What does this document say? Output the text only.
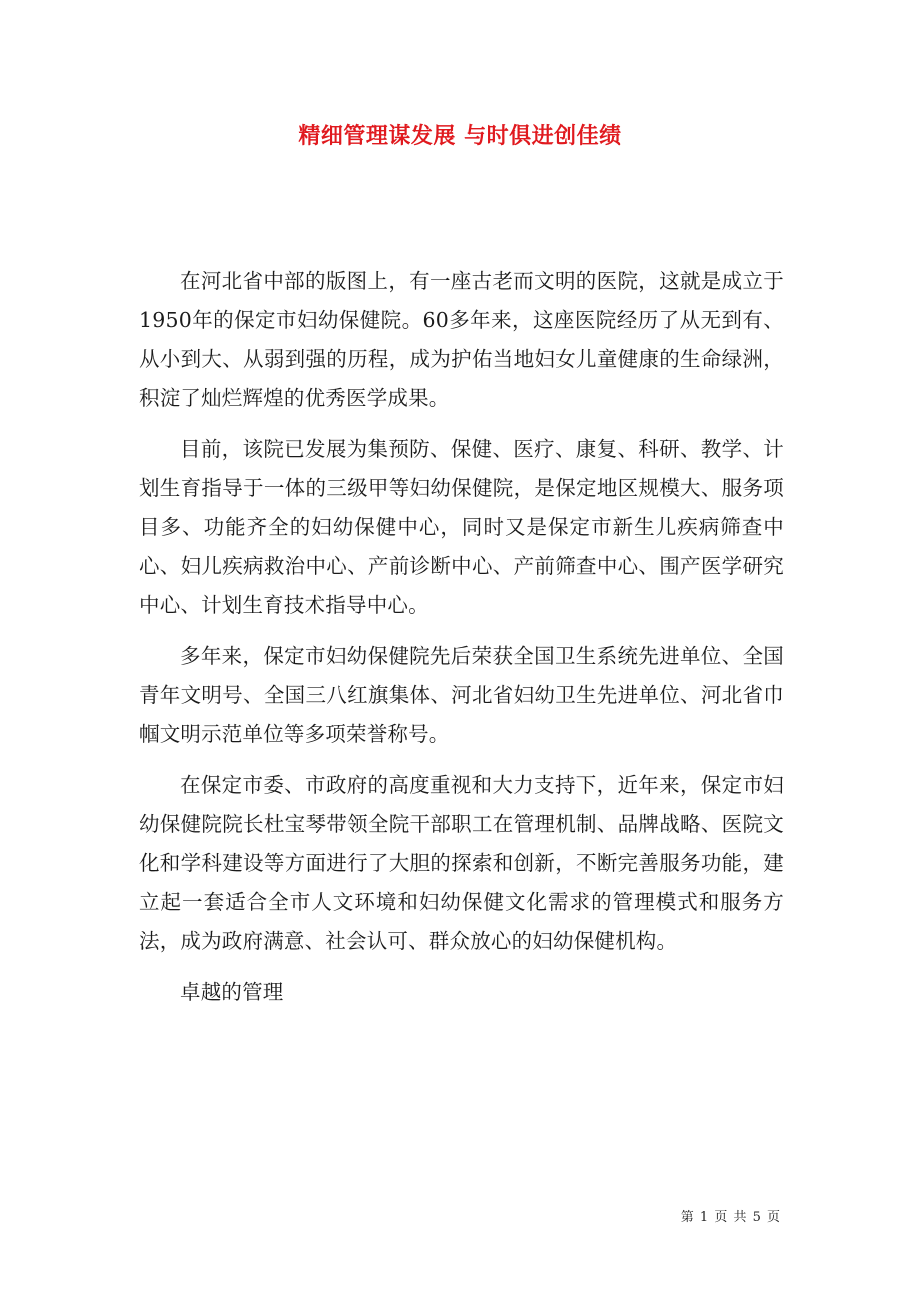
精细管理谋发展 与时俱进创佳绩

在河北省中部的版图上，有一座古老而文明的医院，这就是成立于1950年的保定市妇幼保健院。60多年来，这座医院经历了从无到有、从小到大、从弱到强的历程，成为护佑当地妇女儿童健康的生命绿洲，积淀了灿烂辉煌的优秀医学成果。

目前，该院已发展为集预防、保健、医疗、康复、科研、教学、计划生育指导于一体的三级甲等妇幼保健院，是保定地区规模大、服务项目多、功能齐全的妇幼保健中心，同时又是保定市新生儿疾病筛查中心、妇儿疾病救治中心、产前诊断中心、产前筛查中心、围产医学研究中心、计划生育技术指导中心。

多年来，保定市妇幼保健院先后荣获全国卫生系统先进单位、全国青年文明号、全国三八红旗集体、河北省妇幼卫生先进单位、河北省巾帼文明示范单位等多项荣誉称号。

在保定市委、市政府的高度重视和大力支持下，近年来，保定市妇幼保健院院长杜宝琴带领全院干部职工在管理机制、品牌战略、医院文化和学科建设等方面进行了大胆的探索和创新，不断完善服务功能，建立起一套适合全市人文环境和妇幼保健文化需求的管理模式和服务方法，成为政府满意、社会认可、群众放心的妇幼保健机构。

卓越的管理

第 1 页 共 5 页
